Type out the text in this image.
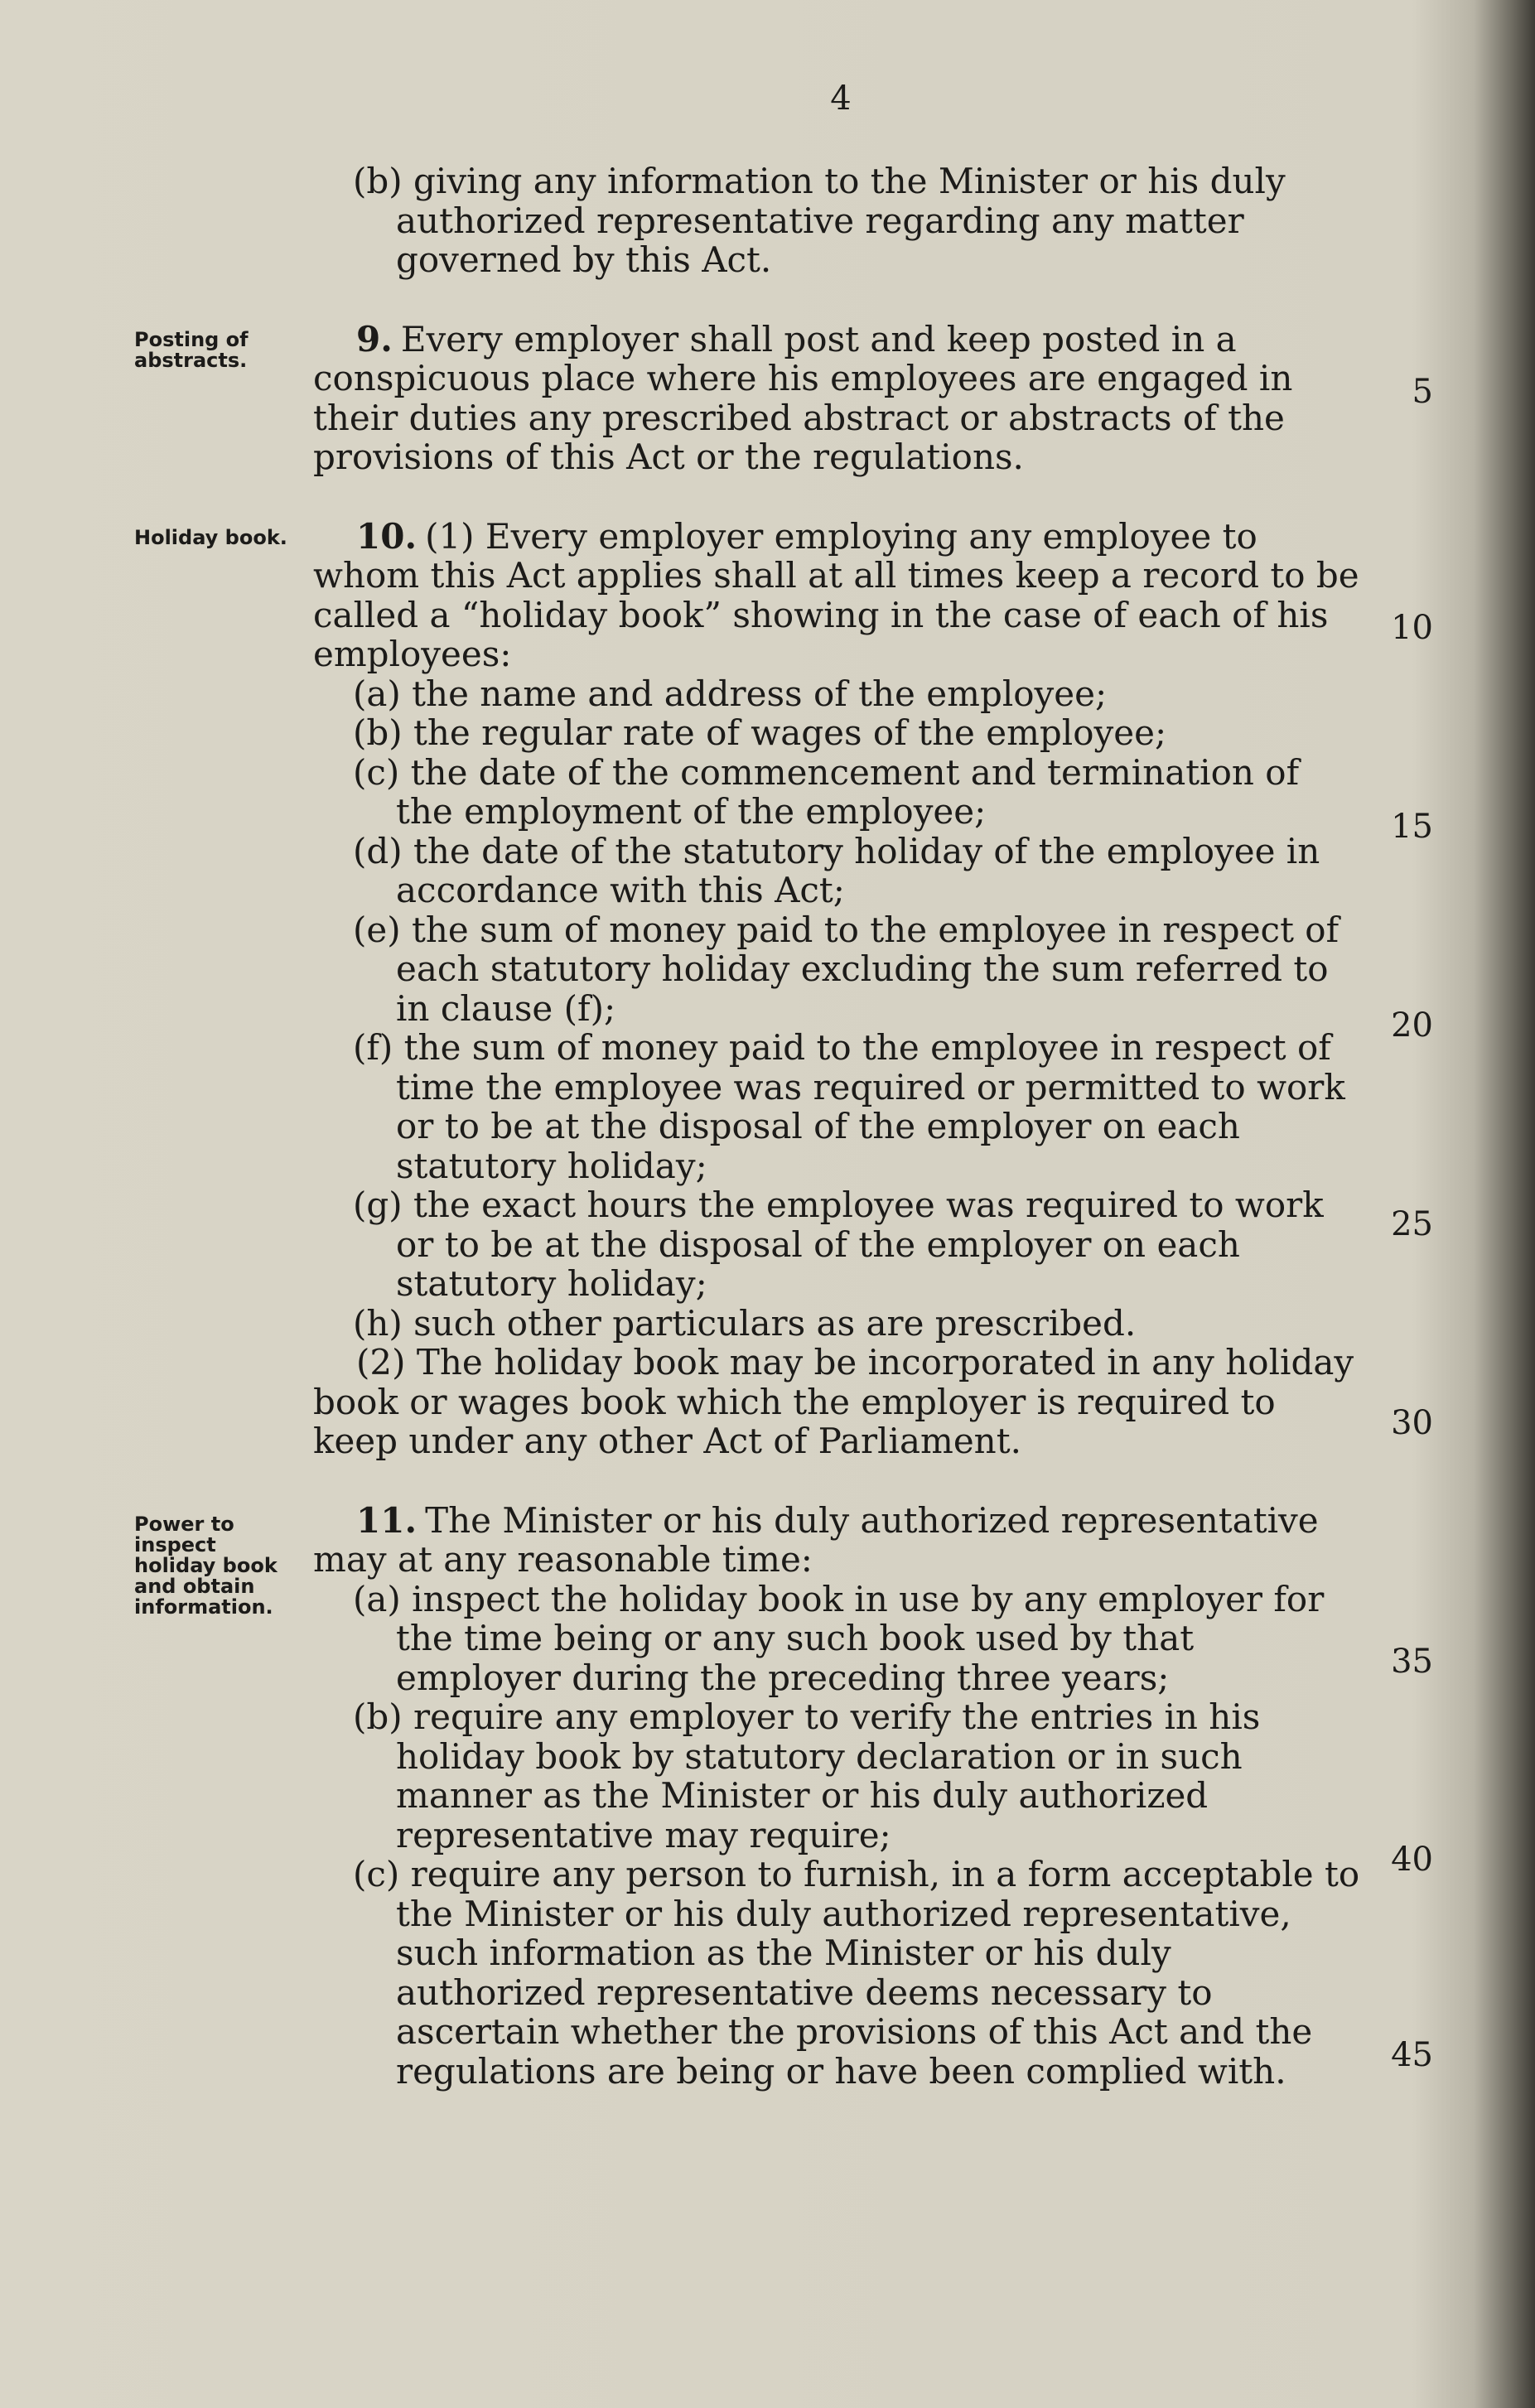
4
Posting of abstracts.
Holiday book.
Power to inspect holiday book and obtain information.

(b) giving any information to the Minister or his duly authorized representative regarding any matter governed by this Act.

9. Every employer shall post and keep posted in a conspicuous place where his employees are engaged in their duties any prescribed abstract or abstracts of the provisions of this Act or the regulations.

10. (1) Every employer employing any employee to whom this Act applies shall at all times keep a record to be called a “holiday book” showing in the case of each of his employees:

(a) the name and address of the employee;

(b) the regular rate of wages of the employee;

(c) the date of the commencement and termination of the employment of the employee;

(d) the date of the statutory holiday of the employee in accordance with this Act;

(e) the sum of money paid to the employee in respect of each statutory holiday excluding the sum referred to in clause (f);

(f) the sum of money paid to the employee in respect of time the employee was required or permitted to work or to be at the disposal of the employer on each statutory holiday;

(g) the exact hours the employee was required to work or to be at the disposal of the employer on each statutory holiday;

(h) such other particulars as are prescribed.

(2) The holiday book may be incorporated in any holiday book or wages book which the employer is required to keep under any other Act of Parliament.

11. The Minister or his duly authorized representative may at any reasonable time:

(a) inspect the holiday book in use by any employer for the time being or any such book used by that employer during the preceding three years;

(b) require any employer to verify the entries in his holiday book by statutory declaration or in such manner as the Minister or his duly authorized representative may require;

(c) require any person to furnish, in a form acceptable to the Minister or his duly authorized representative, such information as the Minister or his duly authorized representative deems necessary to ascertain whether the provisions of this Act and the regulations are being or have been complied with.

5
10
15
20
25
30
35
40
45
